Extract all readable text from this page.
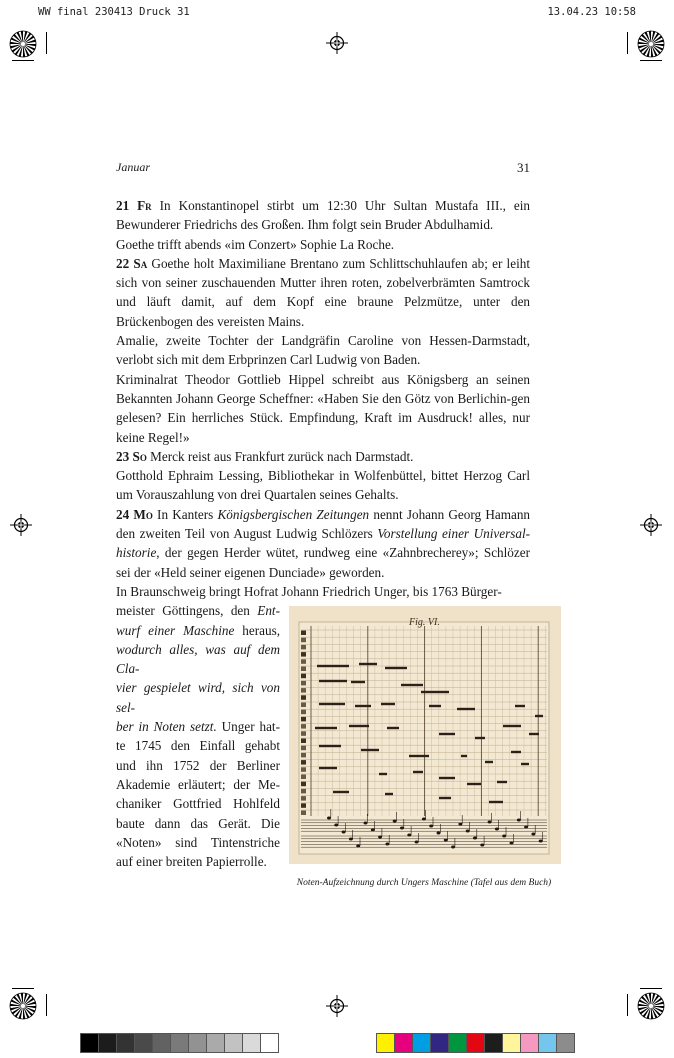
WW final 230413 Druck 31	13.04.23 10:58
Januar	31

21 Fr In Konstantinopel stirbt um 12:30 Uhr Sultan Mustafa III., ein Bewunderer Friedrichs des Großen. Ihm folgt sein Bruder Abdulhamid.

Goethe trifft abends «im Conzert» Sophie La Roche.

22 Sa Goethe holt Maximiliane Brentano zum Schlittschuhlaufen ab; er leiht sich von seiner zuschauenden Mutter ihren roten, zobelverbrämten Samtrock und läuft damit, auf dem Kopf eine braune Pelzmütze, unter den Brückenbogen des vereisten Mains.

Amalie, zweite Tochter der Landgräfin Caroline von Hessen-Darmstadt, verlobt sich mit dem Erbprinzen Carl Ludwig von Baden.

Kriminalrat Theodor Gottlieb Hippel schreibt aus Königsberg an seinen Bekannten Johann George Scheffner: «Haben Sie den Götz von Berlichin-gen gelesen? Ein herrliches Stück. Empfindung, Kraft im Ausdruck! alles, nur keine Regel!»

23 So Merck reist aus Frankfurt zurück nach Darmstadt.

Gotthold Ephraim Lessing, Bibliothekar in Wolfenbüttel, bittet Herzog Carl um Vorauszahlung von drei Quartalen seines Gehalts.

24 Mo In Kanters Königsbergischen Zeitungen nennt Johann Georg Hamann den zweiten Teil von August Ludwig Schlözers Vorstellung einer Universal-historie, der gegen Herder wütet, rundweg eine «Zahnbrecherey»; Schlözer sei der «Held seiner eigenen Dunciade» geworden.

In Braunschweig bringt Hofrat Johann Friedrich Unger, bis 1763 Bürger-

meister Göttingens, den Ent-
wurf einer Maschine heraus,
wodurch alles, was auf dem Cla-
vier gespielet wird, sich von sel-
ber in Noten setzt. Unger hat-
te 1745 den Einfall gehabt
und ihn 1752 der Berliner
Akademie erläutert; der Me-
chaniker Gottfried Hohlfeld
baute dann das Gerät. Die
«Noten» sind Tintenstriche
auf einer breiten Papierrolle.
Fig. VI.
Noten-Aufzeichnung durch Ungers Maschine (Tafel aus dem Buch)
